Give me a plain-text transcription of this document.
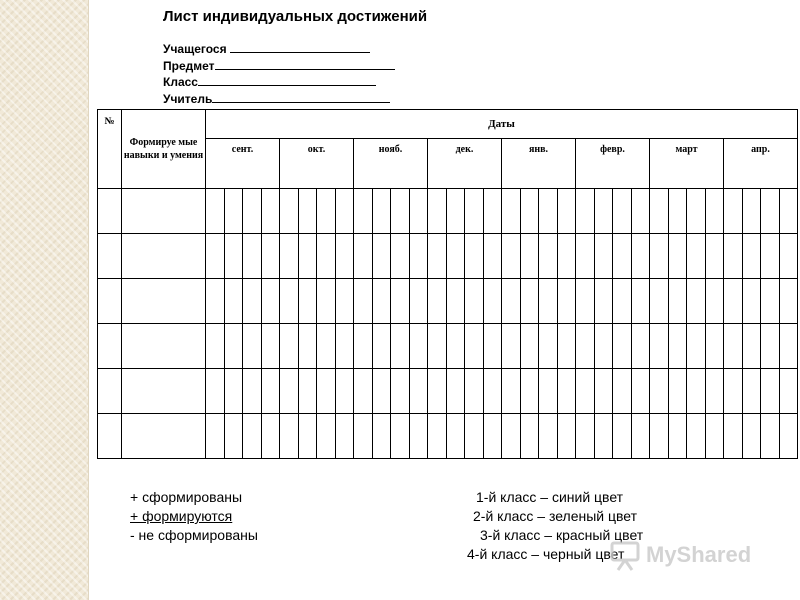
Лист индивидуальных достижений
Учащегося
Предмет
Класс
Учитель
№	Формируе мые навыки и умения	Даты																															
		сент.				окт.				нояб.				дек.				янв.				февр.				март				апр.			

+ сформированы
+ формируются
- не сформированы
1-й класс – синий цвет
2-й класс – зеленый цвет
3-й класс – красный цвет
4-й класс – черный цвет MyShared
